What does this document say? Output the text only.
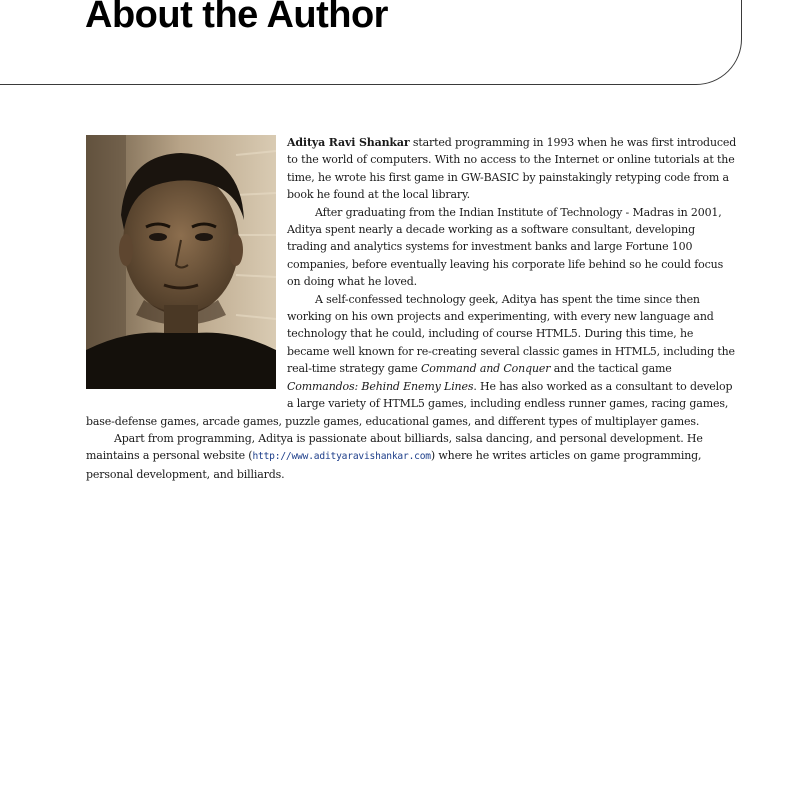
About the Author

Aditya Ravi Shankar started programming in 1993 when he was first introduced to the world of computers. With no access to the Internet or online tutorials at the time, he wrote his first game in GW-BASIC by painstakingly retyping code from a book he found at the local library.

After graduating from the Indian Institute of Technology - Madras in 2001, Aditya spent nearly a decade working as a software consultant, developing trading and analytics systems for investment banks and large Fortune 100 companies, before eventually leaving his corporate life behind so he could focus on doing what he loved.

A self-confessed technology geek, Aditya has spent the time since then working on his own projects and experimenting, with every new language and technology that he could, including of course HTML5. During this time, he became well known for re-creating several classic games in HTML5, including the real-time strategy game Command and Conquer and the tactical game Commandos: Behind Enemy Lines. He has also worked as a consultant to develop a large variety of HTML5 games, including endless runner games, racing games, base-defense games, arcade games, puzzle games, educational games, and different types of multiplayer games.

Apart from programming, Aditya is passionate about billiards, salsa dancing, and personal development. He maintains a personal website (http://www.adityaravishankar.com) where he writes articles on game programming, personal development, and billiards.
